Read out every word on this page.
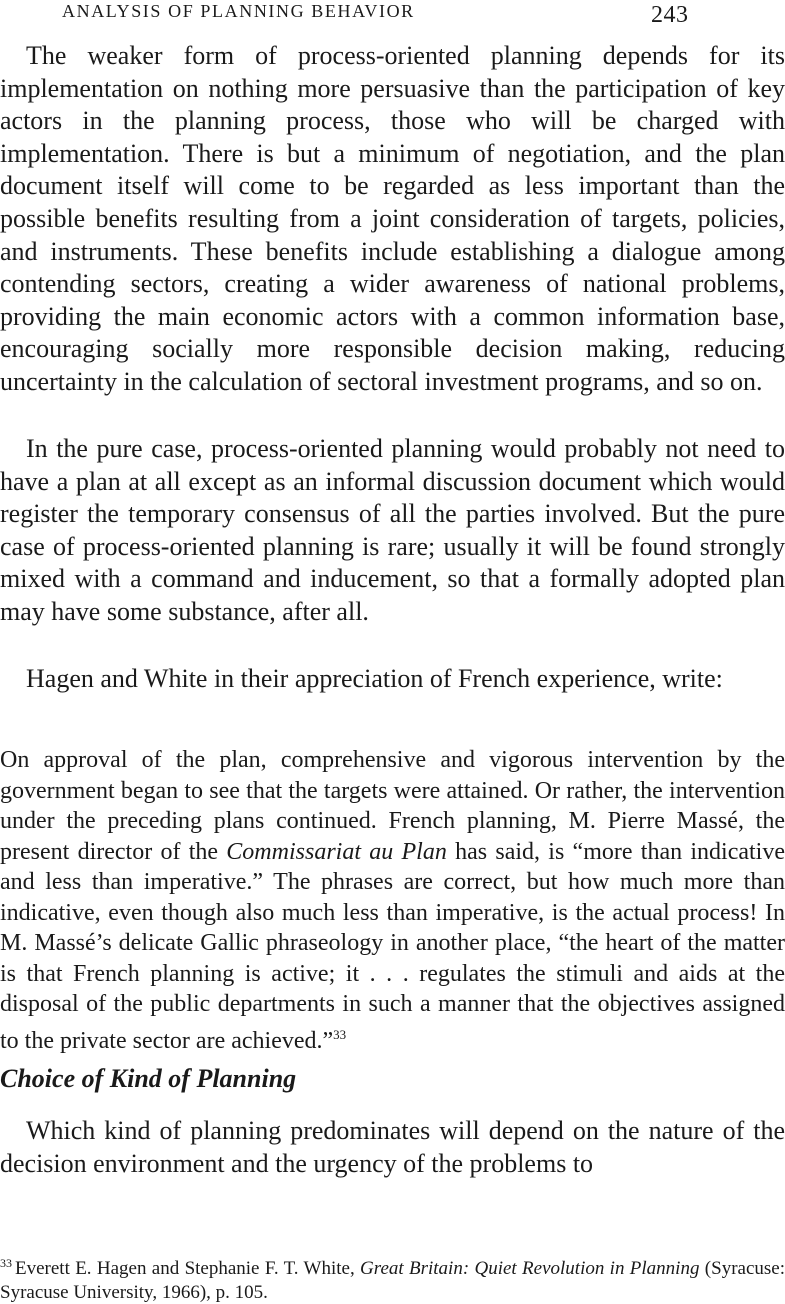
ANALYSIS OF PLANNING BEHAVIOR	243

The weaker form of process-oriented planning depends for its implementation on nothing more persuasive than the participation of key actors in the planning process, those who will be charged with implementation. There is but a minimum of negotiation, and the plan document itself will come to be regarded as less important than the possible benefits resulting from a joint consideration of targets, policies, and instruments. These benefits include establishing a dialogue among contending sectors, creating a wider awareness of national problems, providing the main economic actors with a common information base, encouraging socially more responsible decision making, reducing uncertainty in the calculation of sectoral investment programs, and so on.

In the pure case, process-oriented planning would probably not need to have a plan at all except as an informal discussion document which would register the temporary consensus of all the parties involved. But the pure case of process-oriented planning is rare; usually it will be found strongly mixed with a command and inducement, so that a formally adopted plan may have some substance, after all.

Hagen and White in their appreciation of French experience, write:

On approval of the plan, comprehensive and vigorous intervention by the government began to see that the targets were attained. Or rather, the intervention under the preceding plans continued. French planning, M. Pierre Massé, the present director of the Commissariat au Plan has said, is “more than indicative and less than imperative.” The phrases are correct, but how much more than indicative, even though also much less than imperative, is the actual process! In M. Massé’s delicate Gallic phraseology in another place, “the heart of the matter is that French planning is active; it . . . regulates the stimuli and aids at the disposal of the public departments in such a manner that the objectives assigned to the private sector are achieved.”$^{33}$

Choice of Kind of Planning

Which kind of planning predominates will depend on the nature of the decision environment and the urgency of the problems to

$^{33}$ Everett E. Hagen and Stephanie F. T. White, Great Britain: Quiet Revolution in Planning (Syracuse: Syracuse University, 1966), p. 105.
